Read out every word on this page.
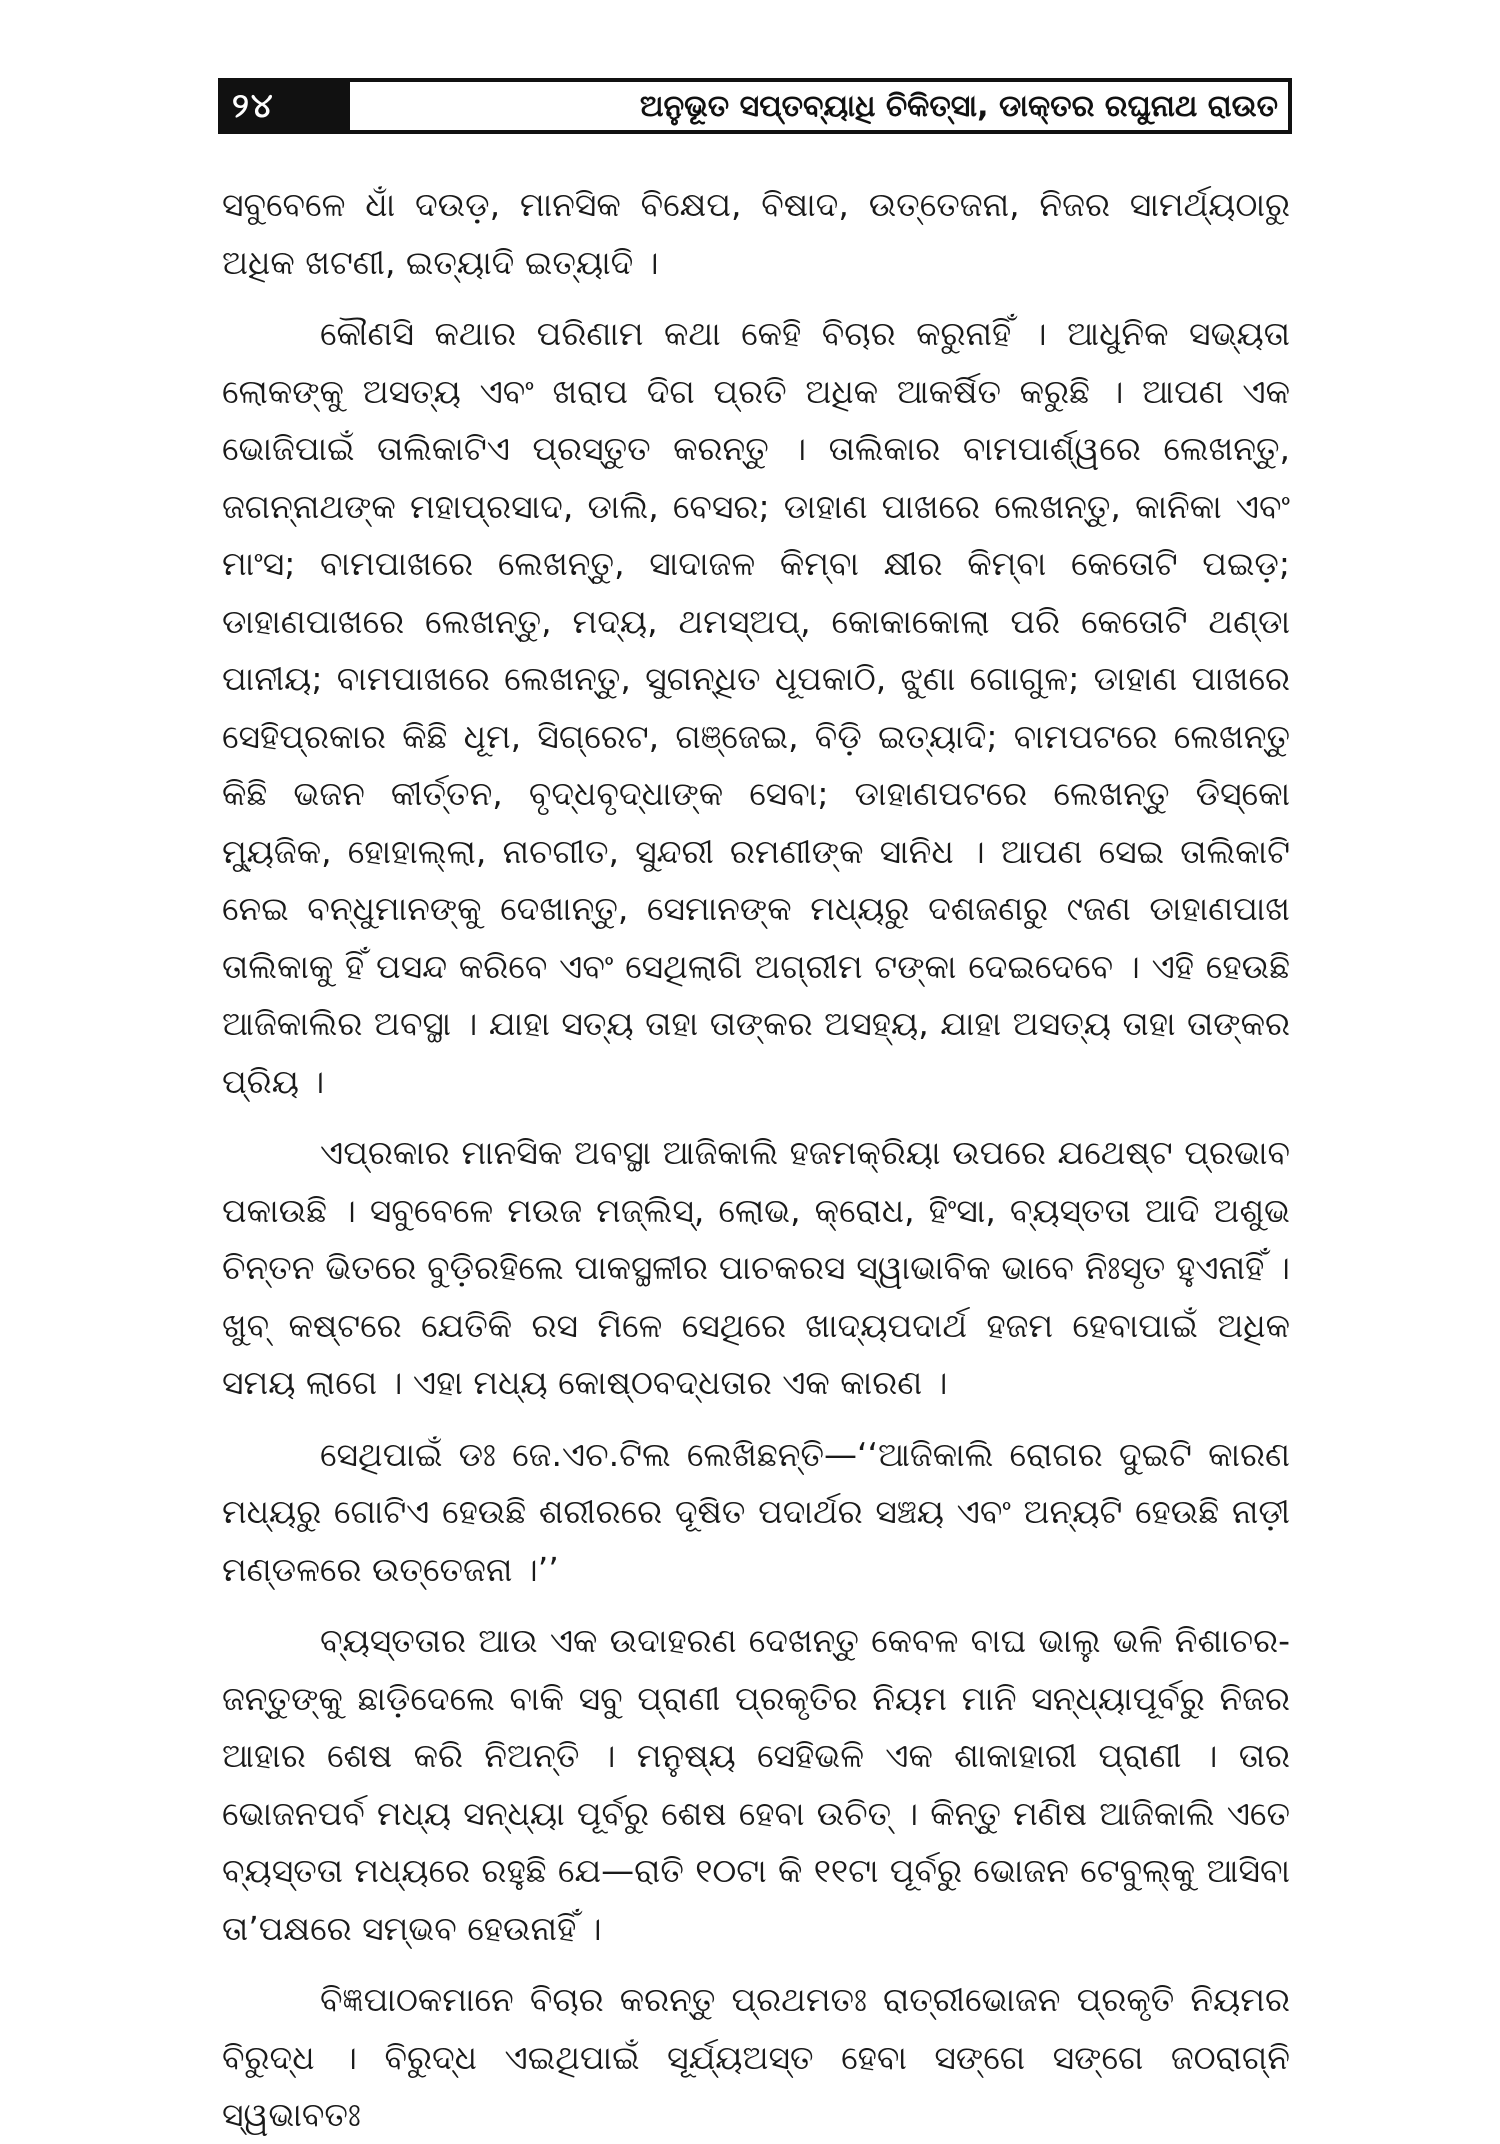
୨୪	ଅନୁଭୂତ ସପ୍ତବ୍ୟାଧି ଚିକିତ୍ସା, ଡାକ୍ତର ରଘୁନାଥ ରାଉତ

ସବୁବେଳେ ଧାଁ ଦଉଡ଼, ମାନସିକ ବିକ୍ଷେପ, ବିଷାଦ, ଉତ୍ତେଜନା, ନିଜର ସାମର୍ଥ୍ୟଠାରୁ ଅଧିକ ଖଟଣୀ, ଇତ୍ୟାଦି ଇତ୍ୟାଦି ।

କୌଣସି କଥାର ପରିଣାମ କଥା କେହି ବିଚାର କରୁନାହିଁ । ଆଧୁନିକ ସଭ୍ୟତା ଲୋକଙ୍କୁ ଅସତ୍ୟ ଏବଂ ଖରାପ ଦିଗ ପ୍ରତି ଅଧିକ ଆକର୍ଷିତ କରୁଛି । ଆପଣ ଏକ ଭୋଜିପାଇଁ ତାଲିକାଟିଏ ପ୍ରସ୍ତୁତ କରନ୍ତୁ । ତାଲିକାର ବାମପାର୍ଶ୍ୱରେ ଲେଖନ୍ତୁ, ଜଗନ୍ନାଥଙ୍କ ମହାପ୍ରସାଦ, ଡାଲି, ବେସର; ଡାହାଣ ପାଖରେ ଲେଖନ୍ତୁ, କାନିକା ଏବଂ ମାଂସ; ବାମପାଖରେ ଲେଖନ୍ତୁ, ସାଦାଜଳ କିମ୍ବା କ୍ଷୀର କିମ୍ବା କେତୋଟି ପଇଡ଼; ଡାହାଣପାଖରେ ଲେଖନ୍ତୁ, ମଦ୍ୟ, ଥମସ୍ଅପ୍, କୋକାକୋଲା ପରି କେତୋଟି ଥଣ୍ଡା ପାନୀୟ; ବାମପାଖରେ ଲେଖନ୍ତୁ, ସୁଗନ୍ଧିତ ଧୂପକାଠି, ଝୁଣା ଗୋଗୁଳ; ଡାହାଣ ପାଖରେ ସେହିପ୍ରକାର କିଛି ଧୂମ, ସିଗ୍ରେଟ, ଗଞ୍ଜେଇ, ବିଡ଼ି ଇତ୍ୟାଦି; ବାମପଟରେ ଲେଖନ୍ତୁ କିଛି ଭଜନ କୀର୍ତ୍ତନ, ବୃଦ୍ଧବୃଦ୍ଧାଙ୍କ ସେବା; ଡାହାଣପଟରେ ଲେଖନ୍ତୁ ଡିସ୍କୋ ମ୍ୟୁଜିକ, ହୋହାଲ୍ଲା, ନାଚଗୀତ, ସୁନ୍ଦରୀ ରମଣୀଙ୍କ ସାନିଧ । ଆପଣ ସେଇ ତାଲିକାଟି ନେଇ ବନ୍ଧୁମାନଙ୍କୁ ଦେଖାନ୍ତୁ, ସେମାନଙ୍କ ମଧ୍ୟରୁ ଦଶଜଣରୁ ୯ଜଣ ଡାହାଣପାଖ ତାଲିକାକୁ ହିଁ ପସନ୍ଦ କରିବେ ଏବଂ ସେଥିଲାଗି ଅଗ୍ରୀମ ଟଙ୍କା ଦେଇଦେବେ । ଏହି ହେଉଛି ଆଜିକାଲିର ଅବସ୍ଥା । ଯାହା ସତ୍ୟ ତାହା ତାଙ୍କର ଅସହ୍ୟ, ଯାହା ଅସତ୍ୟ ତାହା ତାଙ୍କର ପ୍ରିୟ ।

ଏପ୍ରକାର ମାନସିକ ଅବସ୍ଥା ଆଜିକାଲି ହଜମକ୍ରିୟା ଉପରେ ଯଥେଷ୍ଟ ପ୍ରଭାବ ପକାଉଛି । ସବୁବେଳେ ମଉଜ ମଜ୍ଲିସ୍, ଲୋଭ, କ୍ରୋଧ, ହିଂସା, ବ୍ୟସ୍ତତା ଆଦି ଅଶୁଭ ଚିନ୍ତନ ଭିତରେ ବୁଡ଼ିରହିଲେ ପାକସ୍ଥଳୀର ପାଚକରସ ସ୍ୱାଭାବିକ ଭାବେ ନିଃସୃତ ହୁଏନାହିଁ । ଖୁବ୍ କଷ୍ଟରେ ଯେତିକି ରସ ମିଳେ ସେଥିରେ ଖାଦ୍ୟପଦାର୍ଥ ହଜମ ହେବାପାଇଁ ଅଧିକ ସମୟ ଲାଗେ । ଏହା ମଧ୍ୟ କୋଷ୍ଠବଦ୍ଧତାର ଏକ କାରଣ ।

ସେଥିପାଇଁ ଡଃ ଜେ.ଏଚ.ଟିଲ ଲେଖିଛନ୍ତି—‘‘ଆଜିକାଲି ରୋଗର ଦୁଇଟି କାରଣ ମଧ୍ୟରୁ ଗୋଟିଏ ହେଉଛି ଶରୀରରେ ଦୂଷିତ ପଦାର୍ଥର ସଞ୍ଚୟ ଏବଂ ଅନ୍ୟଟି ହେଉଛି ନାଡ଼ୀ ମଣ୍ଡଳରେ ଉତ୍ତେଜନା ।’’

ବ୍ୟସ୍ତତାର ଆଉ ଏକ ଉଦାହରଣ ଦେଖନ୍ତୁ କେବଳ ବାଘ ଭାଲୁ ଭଳି ନିଶାଚର-ଜନ୍ତୁଙ୍କୁ ଛାଡ଼ିଦେଲେ ବାକି ସବୁ ପ୍ରାଣୀ ପ୍ରକୃତିର ନିୟମ ମାନି ସନ୍ଧ୍ୟାପୂର୍ବରୁ ନିଜର ଆହାର ଶେଷ କରି ନିଅନ୍ତି । ମନୁଷ୍ୟ ସେହିଭଳି ଏକ ଶାକାହାରୀ ପ୍ରାଣୀ । ତାର ଭୋଜନପର୍ବ ମଧ୍ୟ ସନ୍ଧ୍ୟା ପୂର୍ବରୁ ଶେଷ ହେବା ଉଚିତ୍ । କିନ୍ତୁ ମଣିଷ ଆଜିକାଲି ଏତେ ବ୍ୟସ୍ତତା ମଧ୍ୟରେ ରହୁଛି ଯେ—ରାତି ୧୦ଟା କି ୧୧ଟା ପୂର୍ବରୁ ଭୋଜନ ଟେବୁଲ୍କୁ ଆସିବା ତା’ପକ୍ଷରେ ସମ୍ଭବ ହେଉନାହିଁ ।

ବିଜ୍ଞପାଠକମାନେ ବିଚାର କରନ୍ତୁ ପ୍ରଥମତଃ ରାତ୍ରୀଭୋଜନ ପ୍ରକୃତି ନିୟମର ବିରୁଦ୍ଧ । ବିରୁଦ୍ଧ ଏଇଥିପାଇଁ ସୂର୍ଯ୍ୟଅସ୍ତ ହେବା ସଙ୍ଗେ ସଙ୍ଗେ ଜଠରାଗ୍ନି ସ୍ୱଭାବତଃ
